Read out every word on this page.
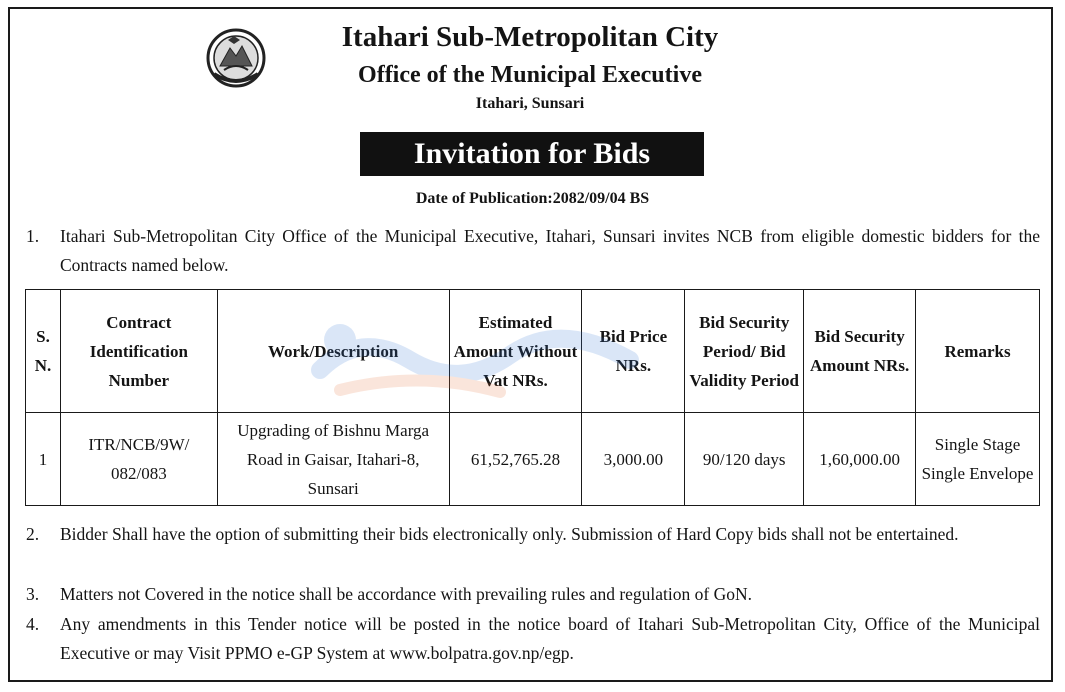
Itahari Sub-Metropolitan City
Office of the Municipal Executive
Itahari, Sunsari
Invitation for Bids
Date of Publication:2082/09/04 BS
1. Itahari Sub-Metropolitan City Office of the Municipal Executive, Itahari, Sunsari invites NCB from eligible domestic bidders for the Contracts named below.
S. N.	Contract Identification Number	Work/Description	Estimated Amount Without Vat NRs.	Bid Price NRs.	Bid Security Period/ Bid Validity Period	Bid Security Amount NRs.	Remarks
1	ITR/NCB/9W/ 082/083	Upgrading of Bishnu Marga Road in Gaisar, Itahari-8, Sunsari	61,52,765.28	3,000.00	90/120 days	1,60,000.00	Single Stage Single Envelope
2. Bidder Shall have the option of submitting their bids electronically only. Submission of Hard Copy bids shall not be entertained.
3. Matters not Covered in the notice shall be accordance with prevailing rules and regulation of GoN.
4. Any amendments in this Tender notice will be posted in the notice board of Itahari Sub-Metropolitan City, Office of the Municipal Executive or may Visit PPMO e-GP System at www.bolpatra.gov.np/egp.
